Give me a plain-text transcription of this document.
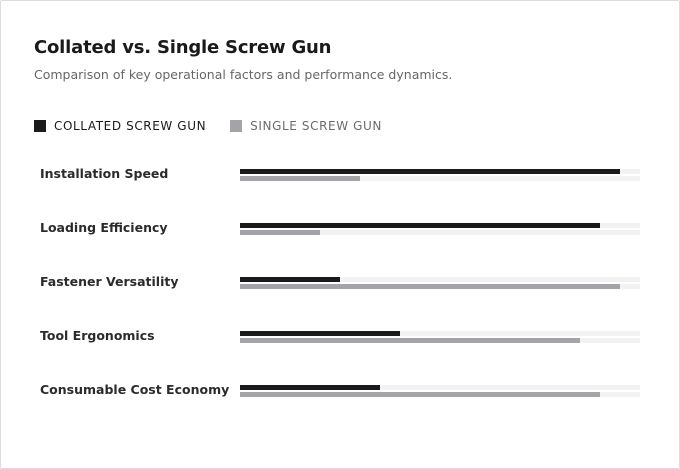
Collated vs. Single Screw Gun
Comparison of key operational factors and performance dynamics.
COLLATED SCREW GUN	SINGLE SCREW GUN
Installation Speed
Loading Efficiency
Fastener Versatility
Tool Ergonomics
Consumable Cost Economy
